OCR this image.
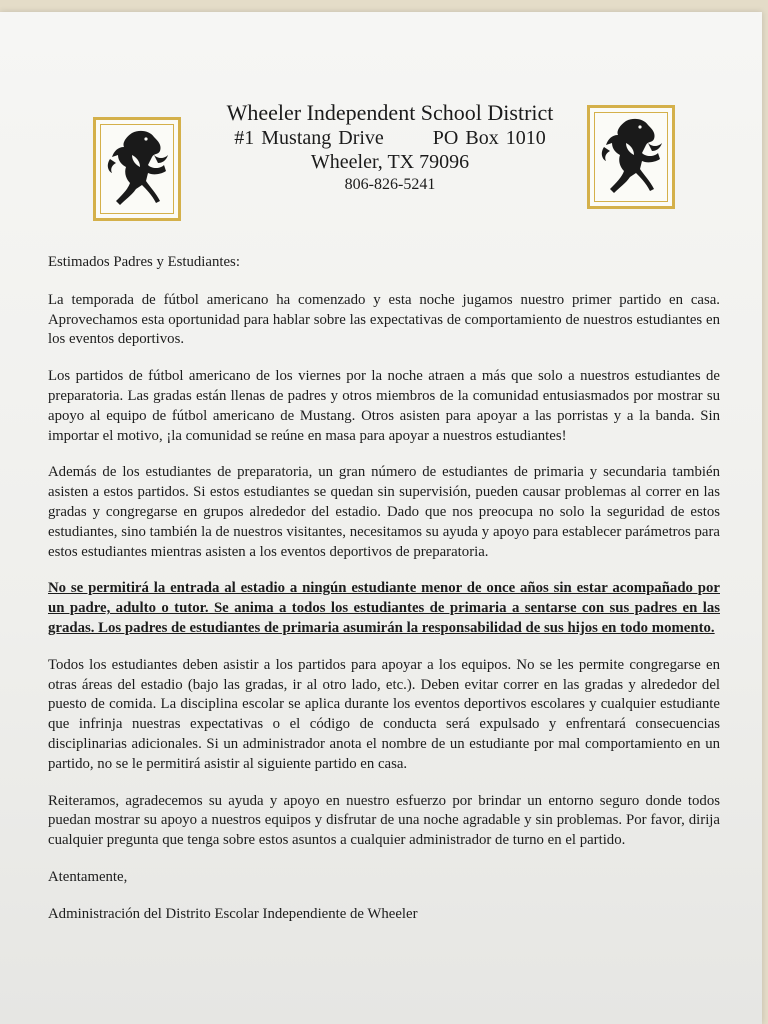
Wheeler Independent School District
#1 Mustang Drive       PO Box 1010
Wheeler, TX 79096
806-826-5241

Estimados Padres y Estudiantes:

La temporada de fútbol americano ha comenzado y esta noche jugamos nuestro primer partido en casa. Aprovechamos esta oportunidad para hablar sobre las expectativas de comportamiento de nuestros estudiantes en los eventos deportivos.

Los partidos de fútbol americano de los viernes por la noche atraen a más que solo a nuestros estudiantes de preparatoria. Las gradas están llenas de padres y otros miembros de la comunidad entusiasmados por mostrar su apoyo al equipo de fútbol americano de Mustang. Otros asisten para apoyar a las porristas y a la banda. Sin importar el motivo, ¡la comunidad se reúne en masa para apoyar a nuestros estudiantes!

Además de los estudiantes de preparatoria, un gran número de estudiantes de primaria y secundaria también asisten a estos partidos. Si estos estudiantes se quedan sin supervisión, pueden causar problemas al correr en las gradas y congregarse en grupos alrededor del estadio. Dado que nos preocupa no solo la seguridad de estos estudiantes, sino también la de nuestros visitantes, necesitamos su ayuda y apoyo para establecer parámetros para estos estudiantes mientras asisten a los eventos deportivos de preparatoria.

No se permitirá la entrada al estadio a ningún estudiante menor de once años sin estar acompañado por un padre, adulto o tutor. Se anima a todos los estudiantes de primaria a sentarse con sus padres en las gradas. Los padres de estudiantes de primaria asumirán la responsabilidad de sus hijos en todo momento.

Todos los estudiantes deben asistir a los partidos para apoyar a los equipos. No se les permite congregarse en otras áreas del estadio (bajo las gradas, ir al otro lado, etc.). Deben evitar correr en las gradas y alrededor del puesto de comida. La disciplina escolar se aplica durante los eventos deportivos escolares y cualquier estudiante que infrinja nuestras expectativas o el código de conducta será expulsado y enfrentará consecuencias disciplinarias adicionales. Si un administrador anota el nombre de un estudiante por mal comportamiento en un partido, no se le permitirá asistir al siguiente partido en casa.

Reiteramos, agradecemos su ayuda y apoyo en nuestro esfuerzo por brindar un entorno seguro donde todos puedan mostrar su apoyo a nuestros equipos y disfrutar de una noche agradable y sin problemas. Por favor, dirija cualquier pregunta que tenga sobre estos asuntos a cualquier administrador de turno en el partido.

Atentamente,

Administración del Distrito Escolar Independiente de Wheeler
